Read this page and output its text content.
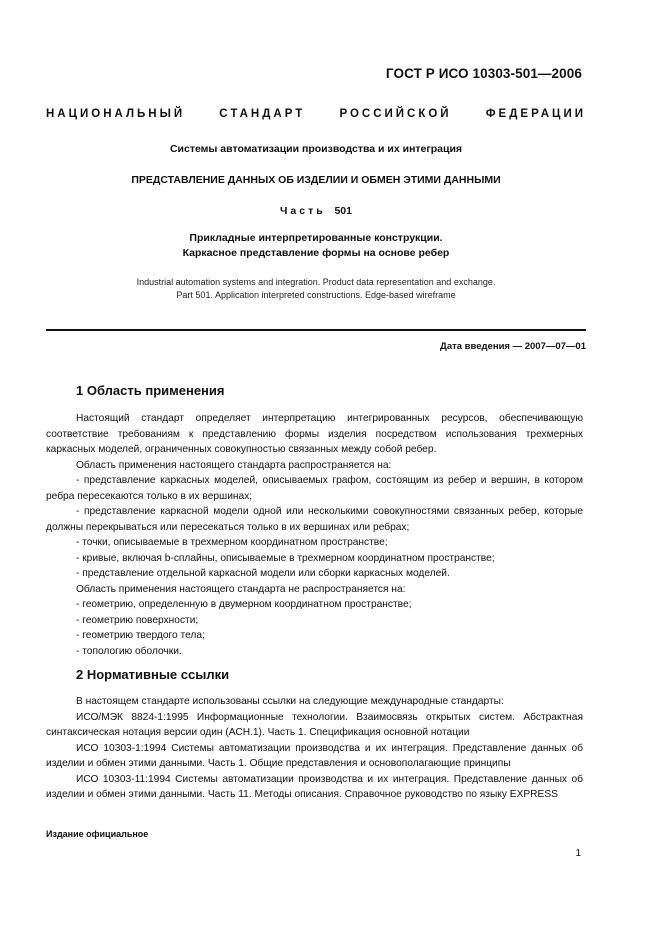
ГОСТ Р ИСО 10303-501—2006
НАЦИОНАЛЬНЫЙ	СТАНДАРТ	РОССИЙСКОЙ	ФЕДЕРАЦИИ
Системы автоматизации производства и их интеграция
ПРЕДСТАВЛЕНИЕ ДАННЫХ ОБ ИЗДЕЛИИ И ОБМЕН ЭТИМИ ДАННЫМИ
Часть 501
Прикладные интерпретированные конструкции.
Каркасное представление формы на основе ребер
Industrial automation systems and integration. Product data representation and exchange.
Part 501. Application interpreted constructions. Edge-based wireframe
Дата введения — 2007—07—01
1 Область применения

Настоящий стандарт определяет интерпретацию интегрированных ресурсов, обеспечивающую соответствие требованиям к представлению формы изделия посредством использования трехмерных каркасных моделей, ограниченных совокупностью связанных между собой ребер.

Область применения настоящего стандарта распространяется на:

- представление каркасных моделей, описываемых графом, состоящим из ребер и вершин, в котором ребра пересекаются только в их вершинах;

- представление каркасной модели одной или несколькими совокупностями связанных ребер, которые должны перекрываться или пересекаться только в их вершинах или ребрах;

- точки, описываемые в трехмерном координатном пространстве;

- кривые, включая b-сплайны, описываемые в трехмерном координатном пространстве;

- представление отдельной каркасной модели или сборки каркасных моделей.

Область применения настоящего стандарта не распространяется на:

- геометрию, определенную в двумерном координатном пространстве;

- геометрию поверхности;

- геометрию твердого тела;

- топологию оболочки.

2 Нормативные ссылки

В настоящем стандарте использованы ссылки на следующие международные стандарты:

ИСО/МЭК 8824-1:1995 Информационные технологии. Взаимосвязь открытых систем. Абстрактная синтаксическая нотация версии один (АСН.1). Часть 1. Спецификация основной нотации

ИСО 10303-1:1994 Системы автоматизации производства и их интеграция. Представление данных об изделии и обмен этими данными. Часть 1. Общие представления и основополагающие принципы

ИСО 10303-11:1994 Системы автоматизации производства и их интеграция. Представление данных об изделии и обмен этими данными. Часть 11. Методы описания. Справочное руководство по языку EXPRESS

Издание официальное
1
